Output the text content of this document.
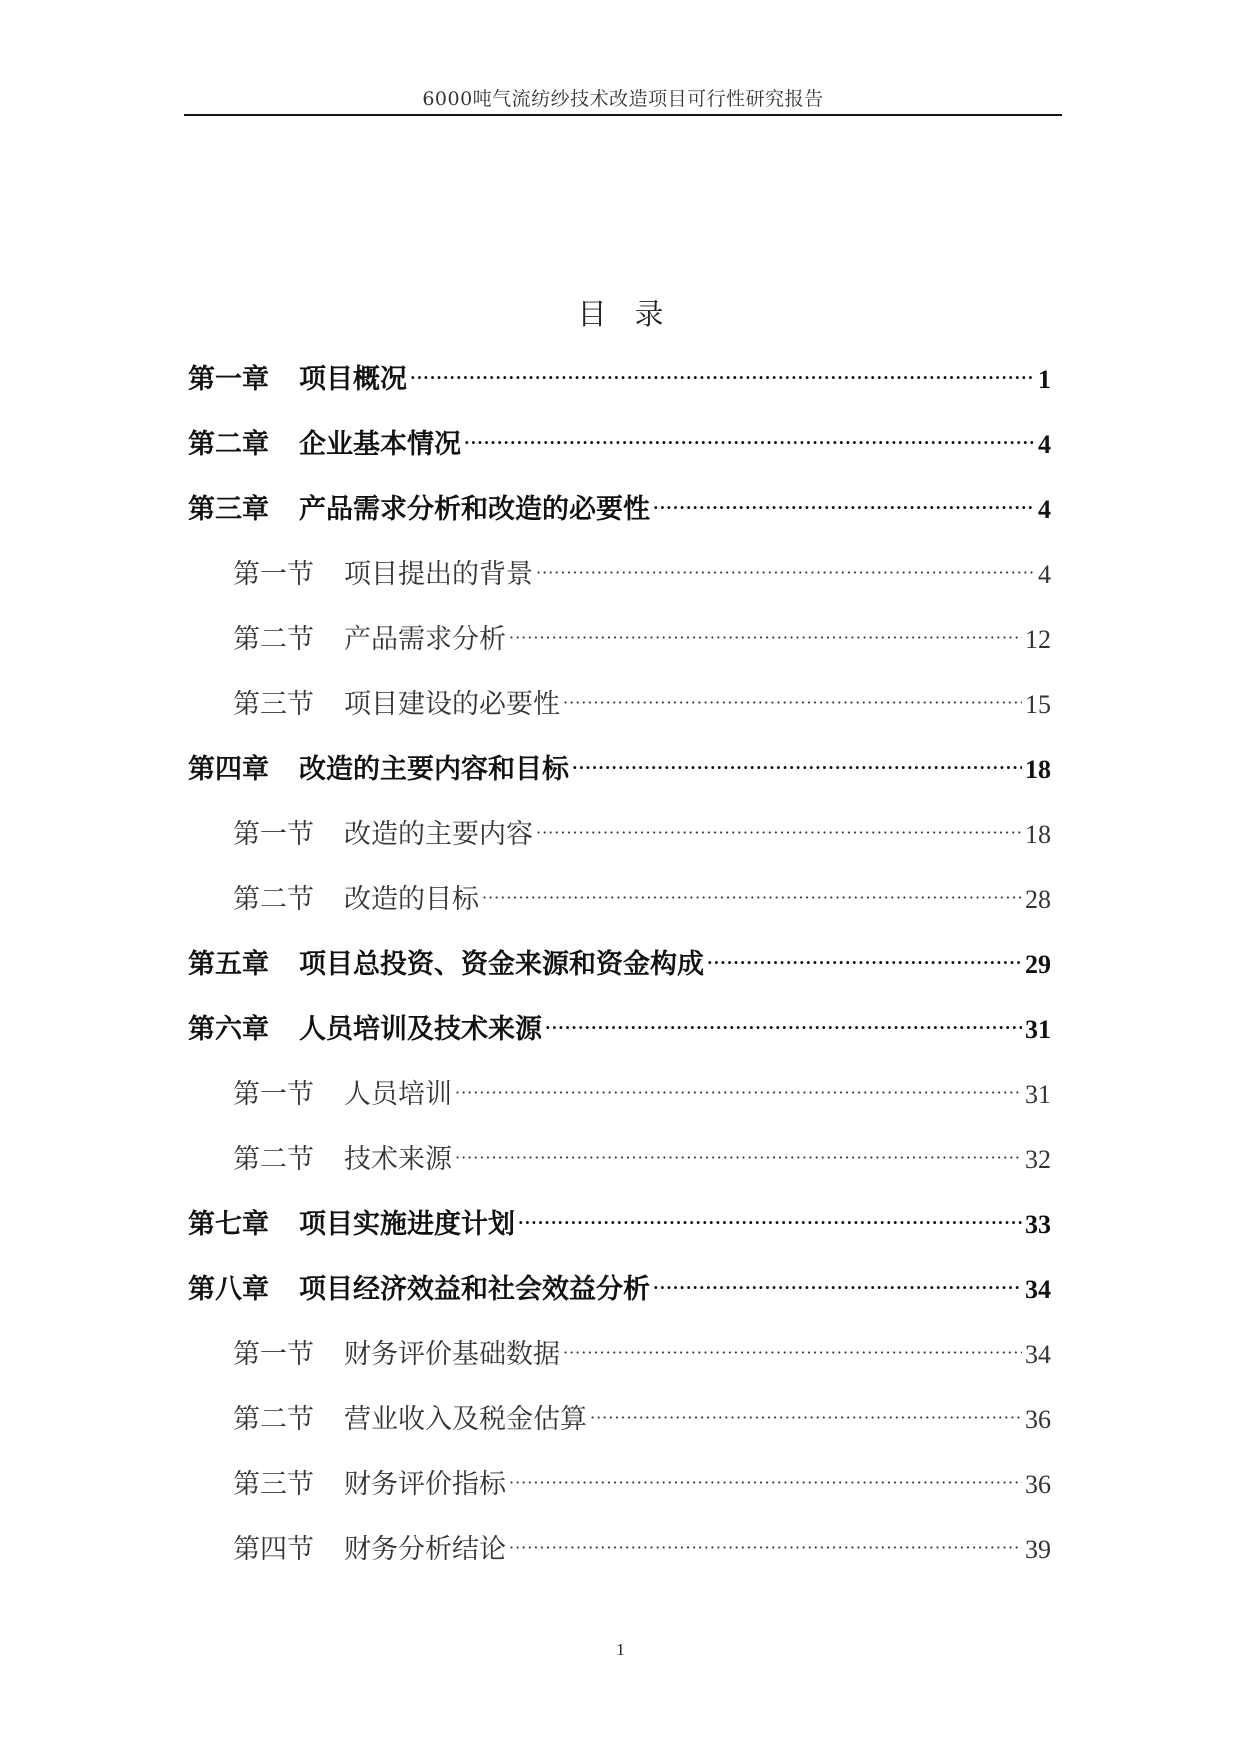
6000吨气流纺纱技术改造项目可行性研究报告
目录
第一章 项目概况 ·····	1
第二章 企业基本情况 ·····	4
第三章 产品需求分析和改造的必要性 ·····	4
第一节 项目提出的背景 ·····	4
第二节 产品需求分析 ·····	12
第三节 项目建设的必要性 ·····	15
第四章 改造的主要内容和目标 ·····	18
第一节 改造的主要内容 ·····	18
第二节 改造的目标 ·····	28
第五章 项目总投资、资金来源和资金构成 ·····	29
第六章 人员培训及技术来源 ·····	31
第一节 人员培训 ·····	31
第二节 技术来源 ·····	32
第七章 项目实施进度计划 ·····	33
第八章 项目经济效益和社会效益分析 ·····	34
第一节 财务评价基础数据 ·····	34
第二节 营业收入及税金估算 ·····	36
第三节 财务评价指标 ·····	36
第四节 财务分析结论 ·····	39
1
